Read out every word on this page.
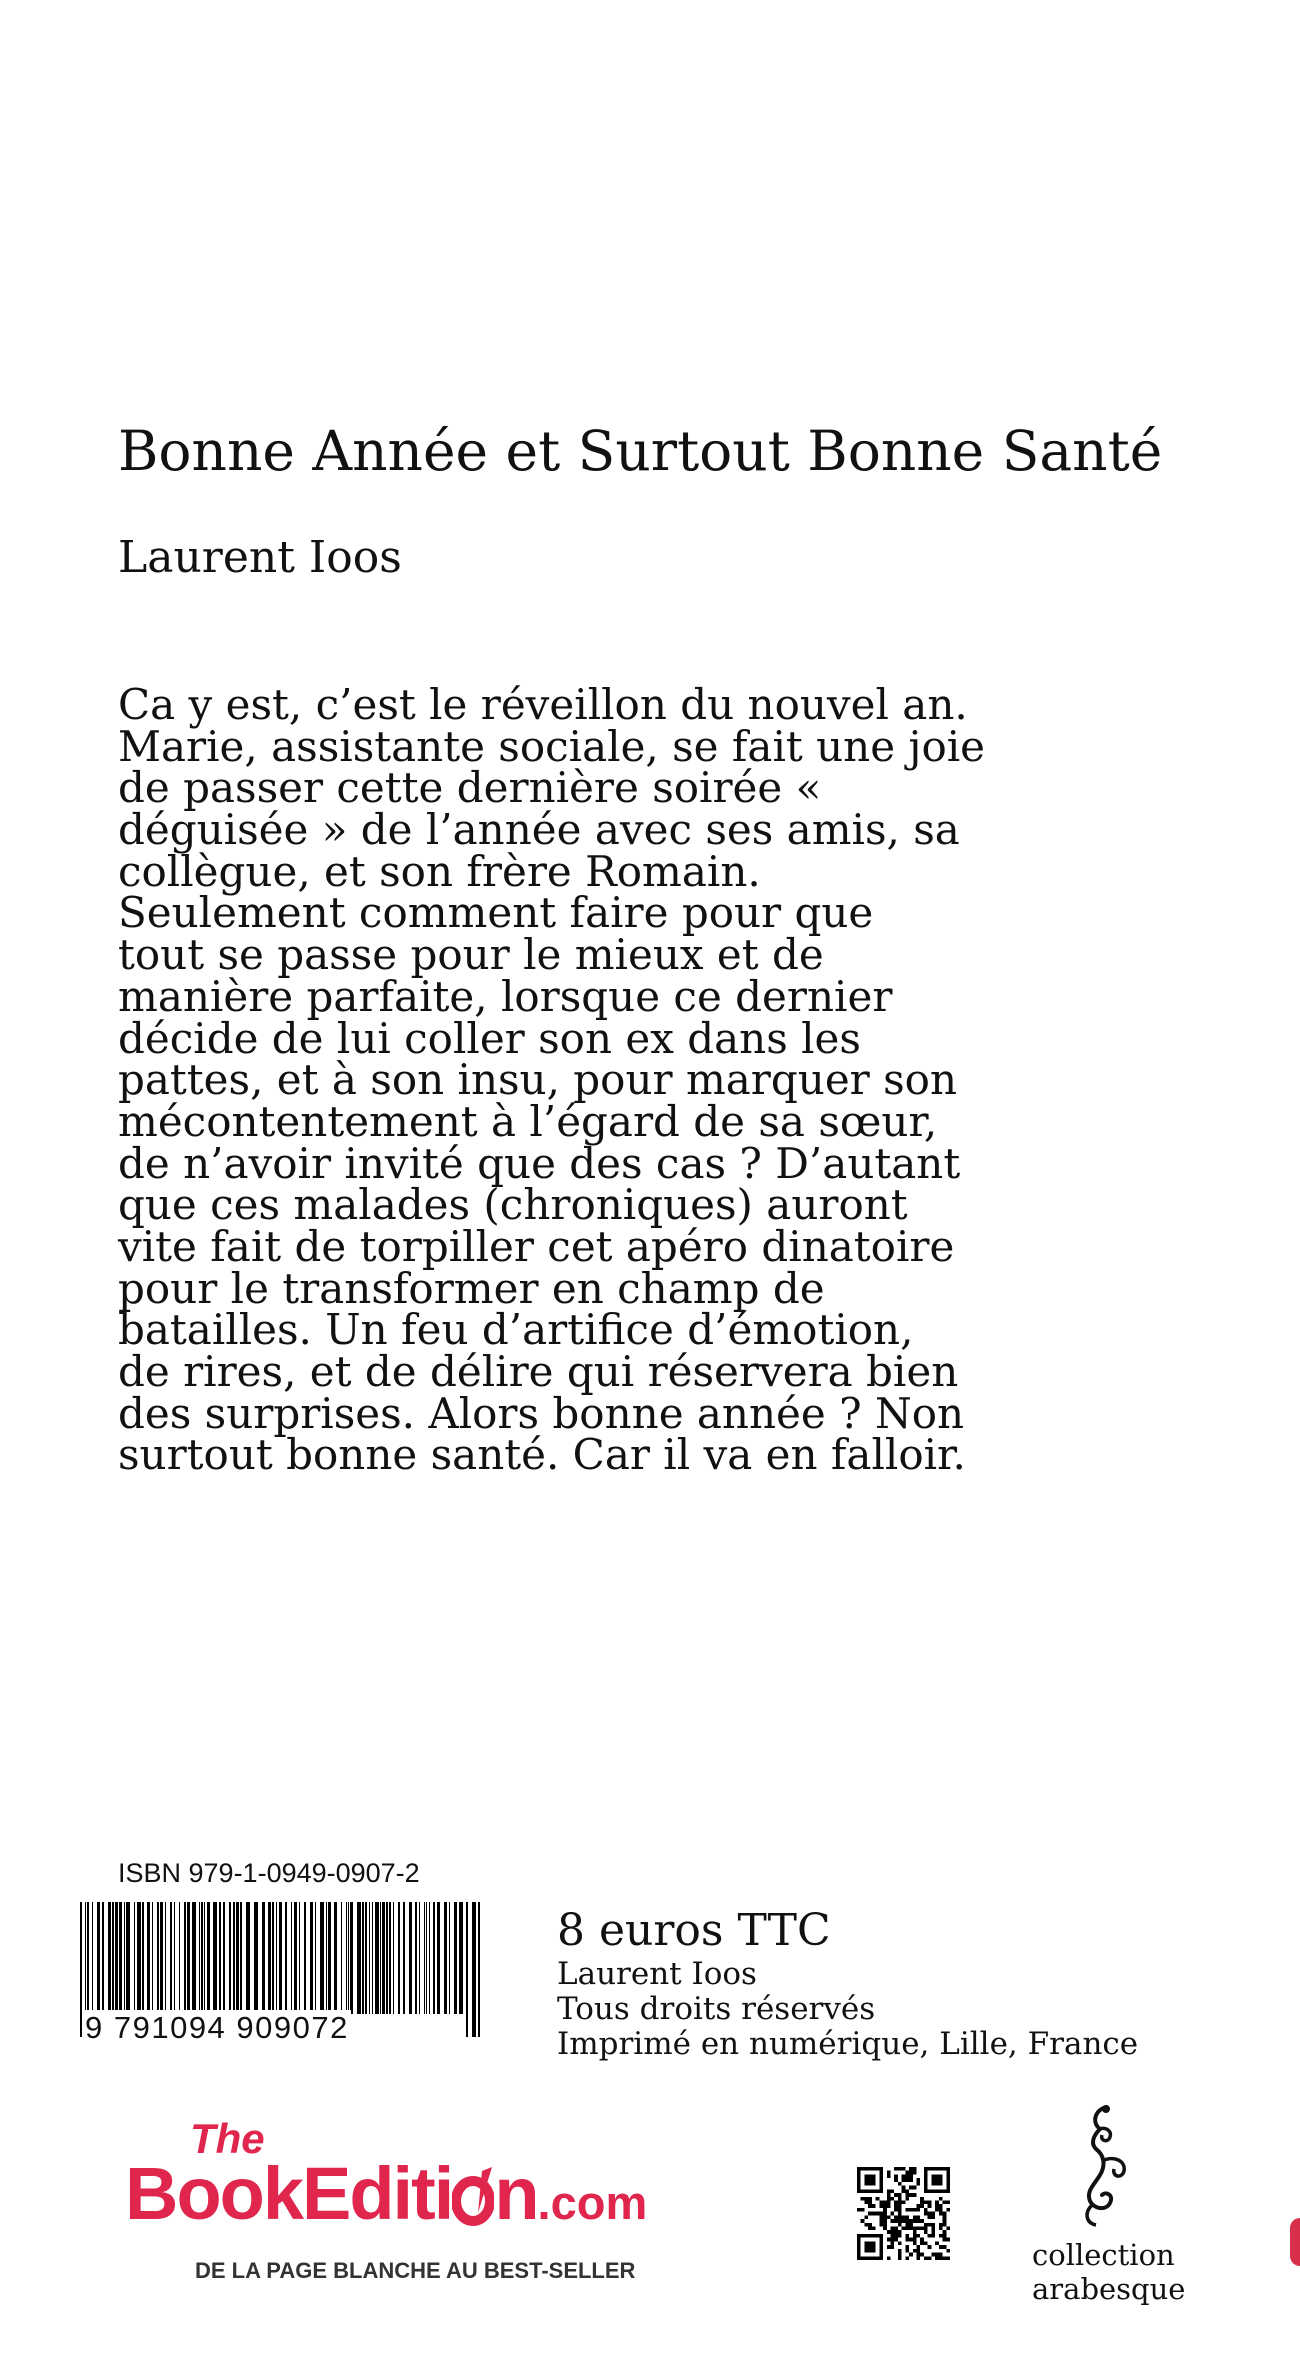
Bonne Année et Surtout Bonne Santé
Laurent Ioos
Ca y est, c’est le réveillon du nouvel an.
Marie, assistante sociale, se fait une joie
de passer cette dernière soirée «
déguisée » de l’année avec ses amis, sa
collègue, et son frère Romain.
Seulement comment faire pour que
tout se passe pour le mieux et de
manière parfaite, lorsque ce dernier
décide de lui coller son ex dans les
pattes, et à son insu, pour marquer son
mécontentement à l’égard de sa sœur,
de n’avoir invité que des cas ? D’autant
que ces malades (chroniques) auront
vite fait de torpiller cet apéro dinatoire
pour le transformer en champ de
batailles. Un feu d’artifice d’émotion,
de rires, et de délire qui réservera bien
des surprises. Alors bonne année ? Non
surtout bonne santé. Car il va en falloir.
ISBN 979-1-0949-0907-2
9 791094 909072
8 euros TTC
Laurent Ioos
Tous droits réservés
Imprimé en numérique, Lille, France
The
BookEditi n.com
DE LA PAGE BLANCHE AU BEST-SELLER	collection
arabesque
